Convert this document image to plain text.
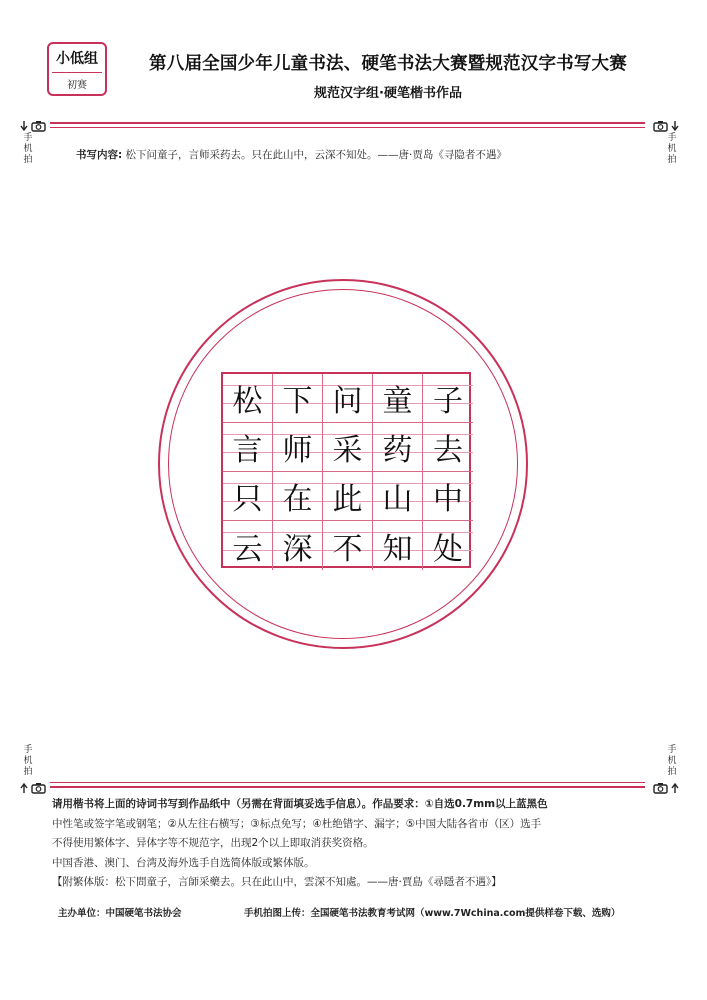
小低组
初赛
第八届全国少年儿童书法、硬笔书法大赛暨规范汉字书写大赛
规范汉字组·硬笔楷书作品
手
机
拍
手
机
拍
书写内容: 松下问童子，言师采药去。只在此山中，云深不知处。——唐·贾岛《寻隐者不遇》
松 下 问 童 子
言 师 采 药 去
只 在 此 山 中
云 深 不 知 处
手
机
拍
手
机
拍

请用楷书将上面的诗词书写到作品纸中（另需在背面填妥选手信息）。作品要求：①自选0.7mm以上蓝黑色

中性笔或签字笔或钢笔；②从左往右横写；③标点免写；④杜绝错字、漏字；⑤中国大陆各省市（区）选手

不得使用繁体字、异体字等不规范字，出现2个以上即取消获奖资格。

中国香港、澳门、台湾及海外选手自选简体版或繁体版。

【附繁体版：松下問童子，言師采藥去。只在此山中，雲深不知處。——唐·賈島《尋隱者不遇》】

主办单位：中国硬笔书法协会	手机拍图上传：全国硬笔书法教育考试网（www.7Wchina.com提供样卷下载、选购）
